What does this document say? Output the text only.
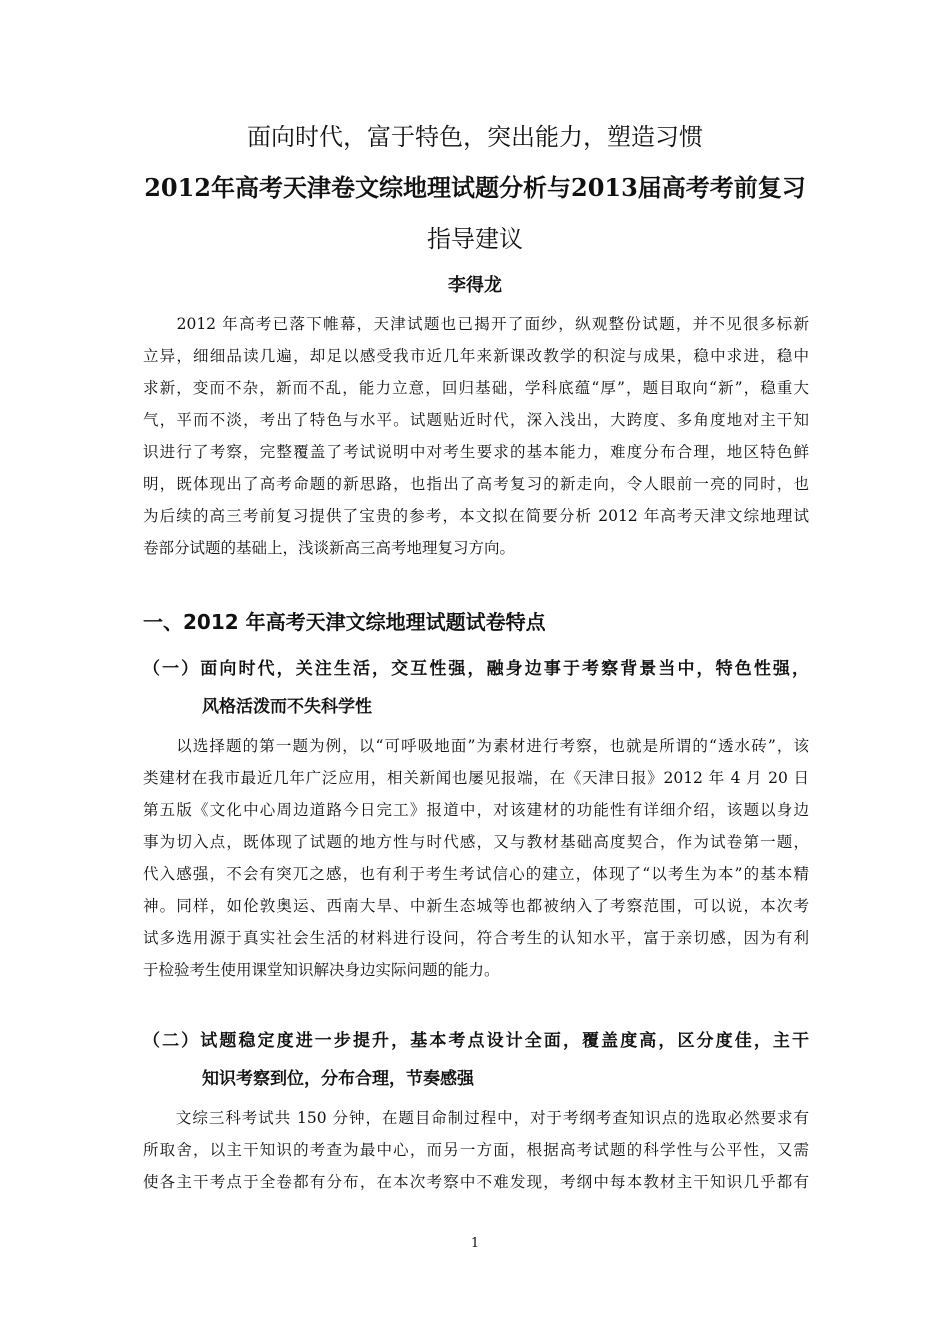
面向时代，富于特色，突出能力，塑造习惯
2012年高考天津卷文综地理试题分析与2013届高考考前复习
指导建议
李得龙
　　2012 年高考已落下帷幕，天津试题也已揭开了面纱，纵观整份试题，并不见很多标新
立异，细细品读几遍，却足以感受我市近几年来新课改教学的积淀与成果，稳中求进，稳中
求新，变而不杂，新而不乱，能力立意，回归基础，学科底蕴“厚”，题目取向“新”，稳重大
气，平而不淡，考出了特色与水平。试题贴近时代，深入浅出，大跨度、多角度地对主干知
识进行了考察，完整覆盖了考试说明中对考生要求的基本能力，难度分布合理，地区特色鲜
明，既体现出了高考命题的新思路，也指出了高考复习的新走向，令人眼前一亮的同时，也
为后续的高三考前复习提供了宝贵的参考，本文拟在简要分析 2012 年高考天津文综地理试
卷部分试题的基础上，浅谈新高三高考地理复习方向。
一、2012 年高考天津文综地理试题试卷特点
（一）面向时代，关注生活，交互性强，融身边事于考察背景当中，特色性强，
风格活泼而不失科学性
　　以选择题的第一题为例，以“可呼吸地面”为素材进行考察，也就是所谓的“透水砖”，该
类建材在我市最近几年广泛应用，相关新闻也屡见报端，在《天津日报》2012 年 4 月 20 日
第五版《文化中心周边道路今日完工》报道中，对该建材的功能性有详细介绍，该题以身边
事为切入点，既体现了试题的地方性与时代感，又与教材基础高度契合，作为试卷第一题，
代入感强，不会有突兀之感，也有利于考生考试信心的建立，体现了“以考生为本”的基本精
神。同样，如伦敦奥运、西南大旱、中新生态城等也都被纳入了考察范围，可以说，本次考
试多选用源于真实社会生活的材料进行设问，符合考生的认知水平，富于亲切感，因为有利
于检验考生使用课堂知识解决身边实际问题的能力。
（二）试题稳定度进一步提升，基本考点设计全面，覆盖度高，区分度佳，主干
知识考察到位，分布合理，节奏感强
　　文综三科考试共 150 分钟，在题目命制过程中，对于考纲考查知识点的选取必然要求有
所取舍，以主干知识的考查为最中心，而另一方面，根据高考试题的科学性与公平性，又需
使各主干考点于全卷都有分布，在本次考察中不难发现，考纲中每本教材主干知识几乎都有
1
